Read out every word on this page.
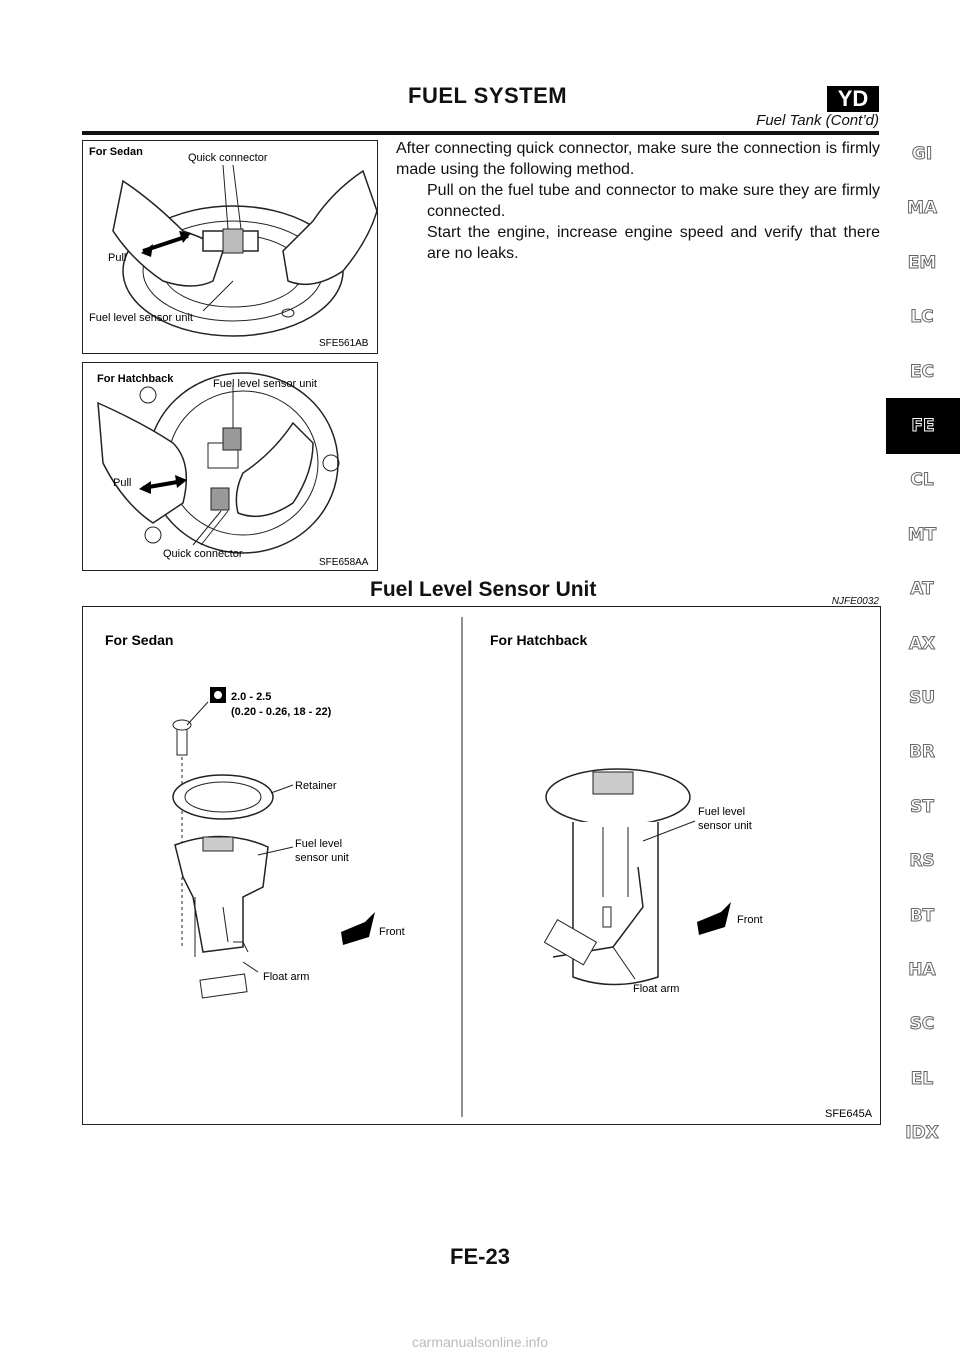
FUEL SYSTEM	YD
Fuel Tank (Cont’d)
For Sedan	Quick connector
Pull
Fuel level sensor unit
SFE561AB
For Hatchback	Fuel level sensor unit
Pull
Quick connector
SFE658AA
After connecting quick connector, make sure the connection is firmly made using the following method.
Pull on the fuel tube and connector to make sure they are firmly connected.
Start the engine, increase engine speed and verify that there are no leaks.
Fuel Level Sensor Unit
NJFE0032
For Sedan	For Hatchback
2.0 - 2.5
(0.20 - 0.26, 18 - 22)
Retainer
Fuel level
sensor unit
Float arm
Front
Fuel level
sensor unit
Float arm
Front
SFE645A
GI
MA
EM
LC
EC
FE
CL
MT
AT
AX
SU
BR
ST
RS
BT
HA
SC
EL
IDX
FE-23
carmanualsonline.info
